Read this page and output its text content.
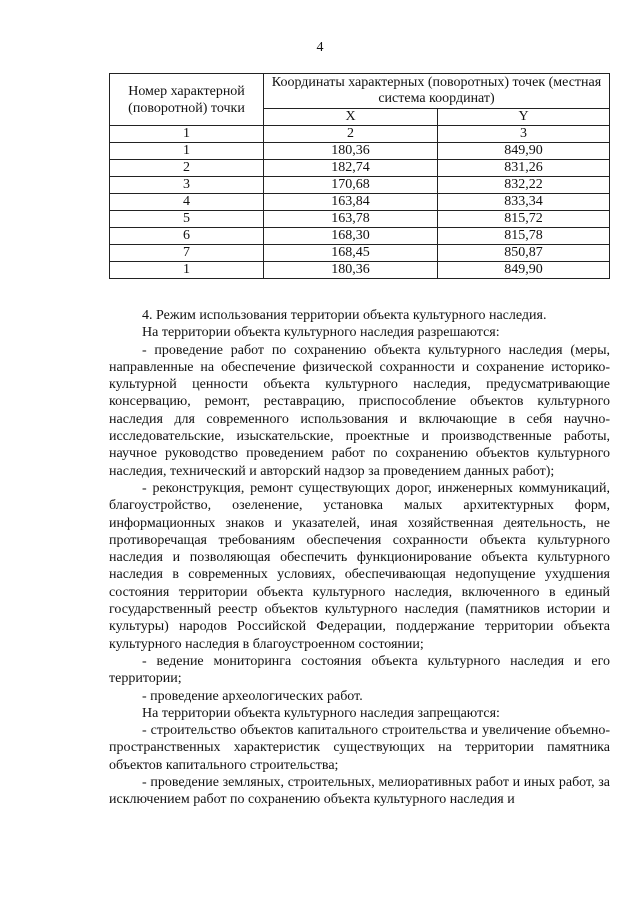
4
Номер характерной (поворотной) точки	Координаты характерных (поворотных) точек (местная система координат)	
	X	Y
1	2	3
1	180,36	849,90
2	182,74	831,26
3	170,68	832,22
4	163,84	833,34
5	163,78	815,72
6	168,30	815,78
7	168,45	850,87
1	180,36	849,90

4. Режим использования территории объекта культурного наследия.

На территории объекта культурного наследия разрешаются:

- проведение работ по сохранению объекта культурного наследия (меры, направленные на обеспечение физической сохранности и сохранение историко-культурной ценности объекта культурного наследия, предусматривающие консервацию, ремонт, реставрацию, приспособление объектов культурного наследия для современного использования и включающие в себя научно-исследовательские, изыскательские, проектные и производственные работы, научное руководство проведением работ по сохранению объектов культурного наследия, технический и авторский надзор за проведением данных работ);

- реконструкция, ремонт существующих дорог, инженерных коммуникаций, благоустройство, озеленение, установка малых архитектурных форм, информационных знаков и указателей, иная хозяйственная деятельность, не противоречащая требованиям обеспечения сохранности объекта культурного наследия и позволяющая обеспечить функционирование объекта культурного наследия в современных условиях, обеспечивающая недопущение ухудшения состояния территории объекта культурного наследия, включенного в единый государственный реестр объектов культурного наследия (памятников истории и культуры) народов Российской Федерации, поддержание территории объекта культурного наследия в благоустроенном состоянии;

- ведение мониторинга состояния объекта культурного наследия и его территории;

- проведение археологических работ.

На территории объекта культурного наследия запрещаются:

- строительство объектов капитального строительства и увеличение объемно-пространственных характеристик существующих на территории памятника объектов капитального строительства;

- проведение земляных, строительных, мелиоративных работ и иных работ, за исключением работ по сохранению объекта культурного наследия и
